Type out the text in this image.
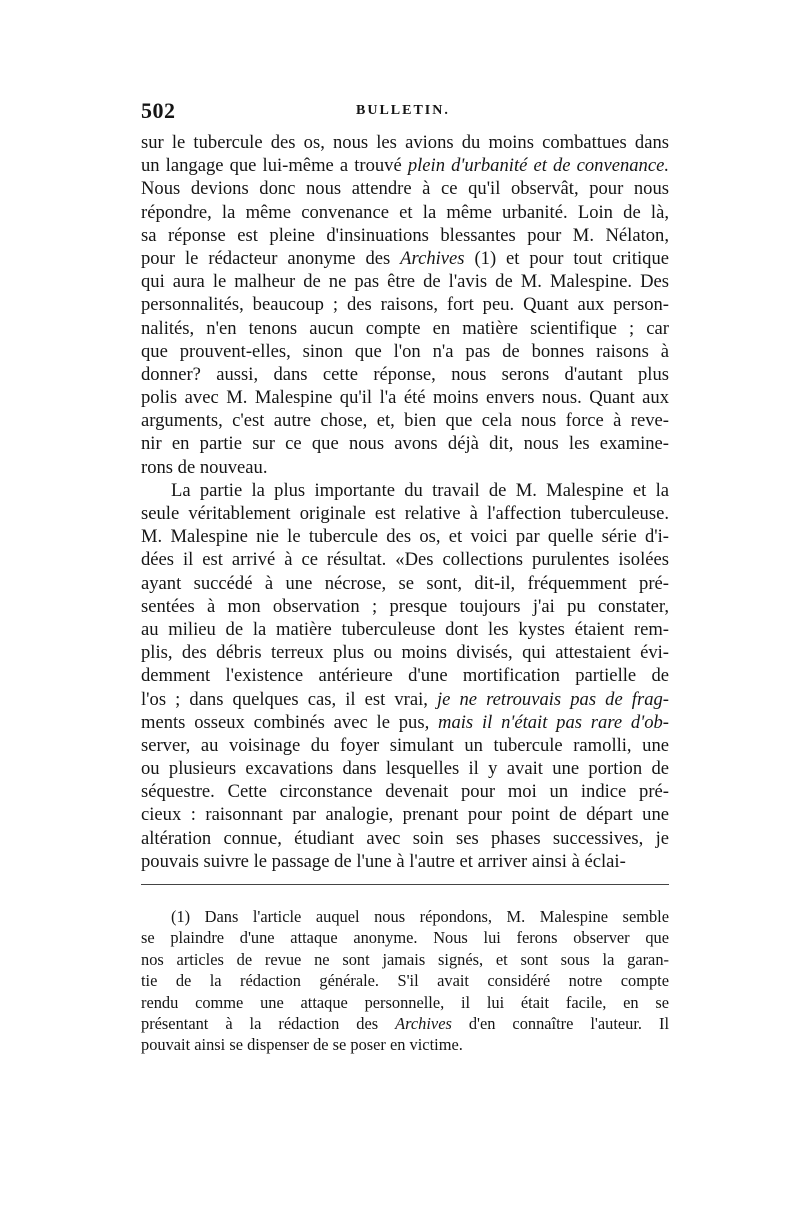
502	BULLETIN.
sur le tubercule des os, nous les avions du moins combattues dans
un langage que lui-même a trouvé plein d'urbanité et de convenance.
Nous devions donc nous attendre à ce qu'il observât, pour nous
répondre, la même convenance et la même urbanité. Loin de là,
sa réponse est pleine d'insinuations blessantes pour M. Nélaton,
pour le rédacteur anonyme des Archives (1) et pour tout critique
qui aura le malheur de ne pas être de l'avis de M. Malespine. Des
personnalités, beaucoup ; des raisons, fort peu. Quant aux person-
nalités, n'en tenons aucun compte en matière scientifique ; car
que prouvent-elles, sinon que l'on n'a pas de bonnes raisons à
donner? aussi, dans cette réponse, nous serons d'autant plus
polis avec M. Malespine qu'il l'a été moins envers nous. Quant aux
arguments, c'est autre chose, et, bien que cela nous force à reve-
nir en partie sur ce que nous avons déjà dit, nous les examine-
rons de nouveau.
La partie la plus importante du travail de M. Malespine et la
seule véritablement originale est relative à l'affection tuberculeuse.
M. Malespine nie le tubercule des os, et voici par quelle série d'i-
dées il est arrivé à ce résultat. «Des collections purulentes isolées
ayant succédé à une nécrose, se sont, dit-il, fréquemment pré-
sentées à mon observation ; presque toujours j'ai pu constater,
au milieu de la matière tuberculeuse dont les kystes étaient rem-
plis, des débris terreux plus ou moins divisés, qui attestaient évi-
demment l'existence antérieure d'une mortification partielle de
l'os ; dans quelques cas, il est vrai, je ne retrouvais pas de frag-
ments osseux combinés avec le pus, mais il n'était pas rare d'ob-
server, au voisinage du foyer simulant un tubercule ramolli, une
ou plusieurs excavations dans lesquelles il y avait une portion de
séquestre. Cette circonstance devenait pour moi un indice pré-
cieux : raisonnant par analogie, prenant pour point de départ une
altération connue, étudiant avec soin ses phases successives, je
pouvais suivre le passage de l'une à l'autre et arriver ainsi à éclai-
(1) Dans l'article auquel nous répondons, M. Malespine semble
se plaindre d'une attaque anonyme. Nous lui ferons observer que
nos articles de revue ne sont jamais signés, et sont sous la garan-
tie de la rédaction générale. S'il avait considéré notre compte
rendu comme une attaque personnelle, il lui était facile, en se
présentant à la rédaction des Archives d'en connaître l'auteur. Il
pouvait ainsi se dispenser de se poser en victime.
